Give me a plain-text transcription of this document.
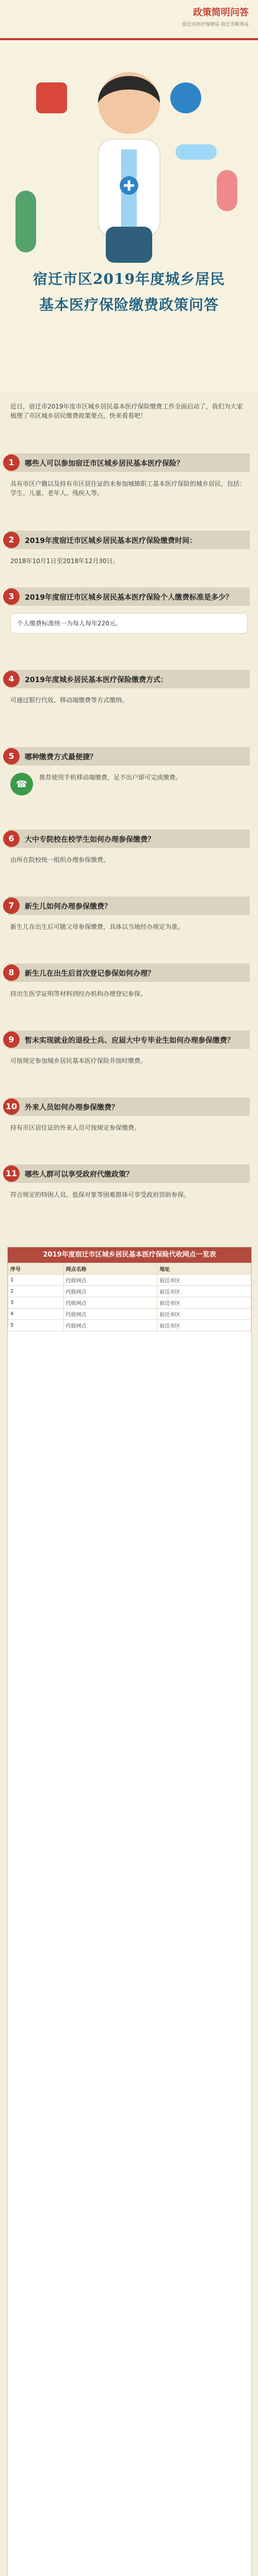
政策简明问答
宿迁市医疗保障局 宿迁市税务局
宿迁市区2019年度城乡居民
基本医疗保险缴费政策问答
近日，宿迁市2019年度市区城乡居民基本医疗保险缴费工作全面启动了，我们为大家梳理了市区城乡居民缴费政策要点，快来看看吧！
1	哪些人可以参加宿迁市区城乡居民基本医疗保险？
具有市区户籍以及持有市区居住证的未参加城镇职工基本医疗保险的城乡居民，包括：学生、儿童、老年人、残疾人等。
2	2019年度宿迁市区城乡居民基本医疗保险缴费时间：
2018年10月1日至2018年12月30日。
3	2019年度宿迁市区城乡居民基本医疗保险个人缴费标准是多少？
个人缴费标准统一为每人每年220元。
4	2019年度城乡居民基本医疗保险缴费方式：
可通过银行代收、移动端缴费等方式缴纳。
5	哪种缴费方式最便捷？
☎
推荐使用手机移动端缴费，足不出户即可完成缴费。
6	大中专院校在校学生如何办理参保缴费？
由所在院校统一组织办理参保缴费。
7	新生儿如何办理参保缴费？
新生儿在出生后可随父母参保缴费，具体以当地经办规定为准。
8	新生儿在出生后首次登记参保如何办理？
持出生医学证明等材料到经办机构办理登记参保。
9	暂未实现就业的退役士兵、应届大中专毕业生如何办理参保缴费？
可按规定参加城乡居民基本医疗保险并按时缴费。
10	外来人员如何办理参保缴费？
持有市区居住证的外来人员可按规定参保缴费。
11	哪些人群可以享受政府代缴政策？
符合规定的特困人员、低保对象等困难群体可享受政府资助参保。
2019年度宿迁市区城乡居民基本医疗保险代收网点一览表
序号	网点名称	地址
1	代收网点	宿迁市区
2	代收网点	宿迁市区
3	代收网点	宿迁市区
4	代收网点	宿迁市区
5	代收网点	宿迁市区
